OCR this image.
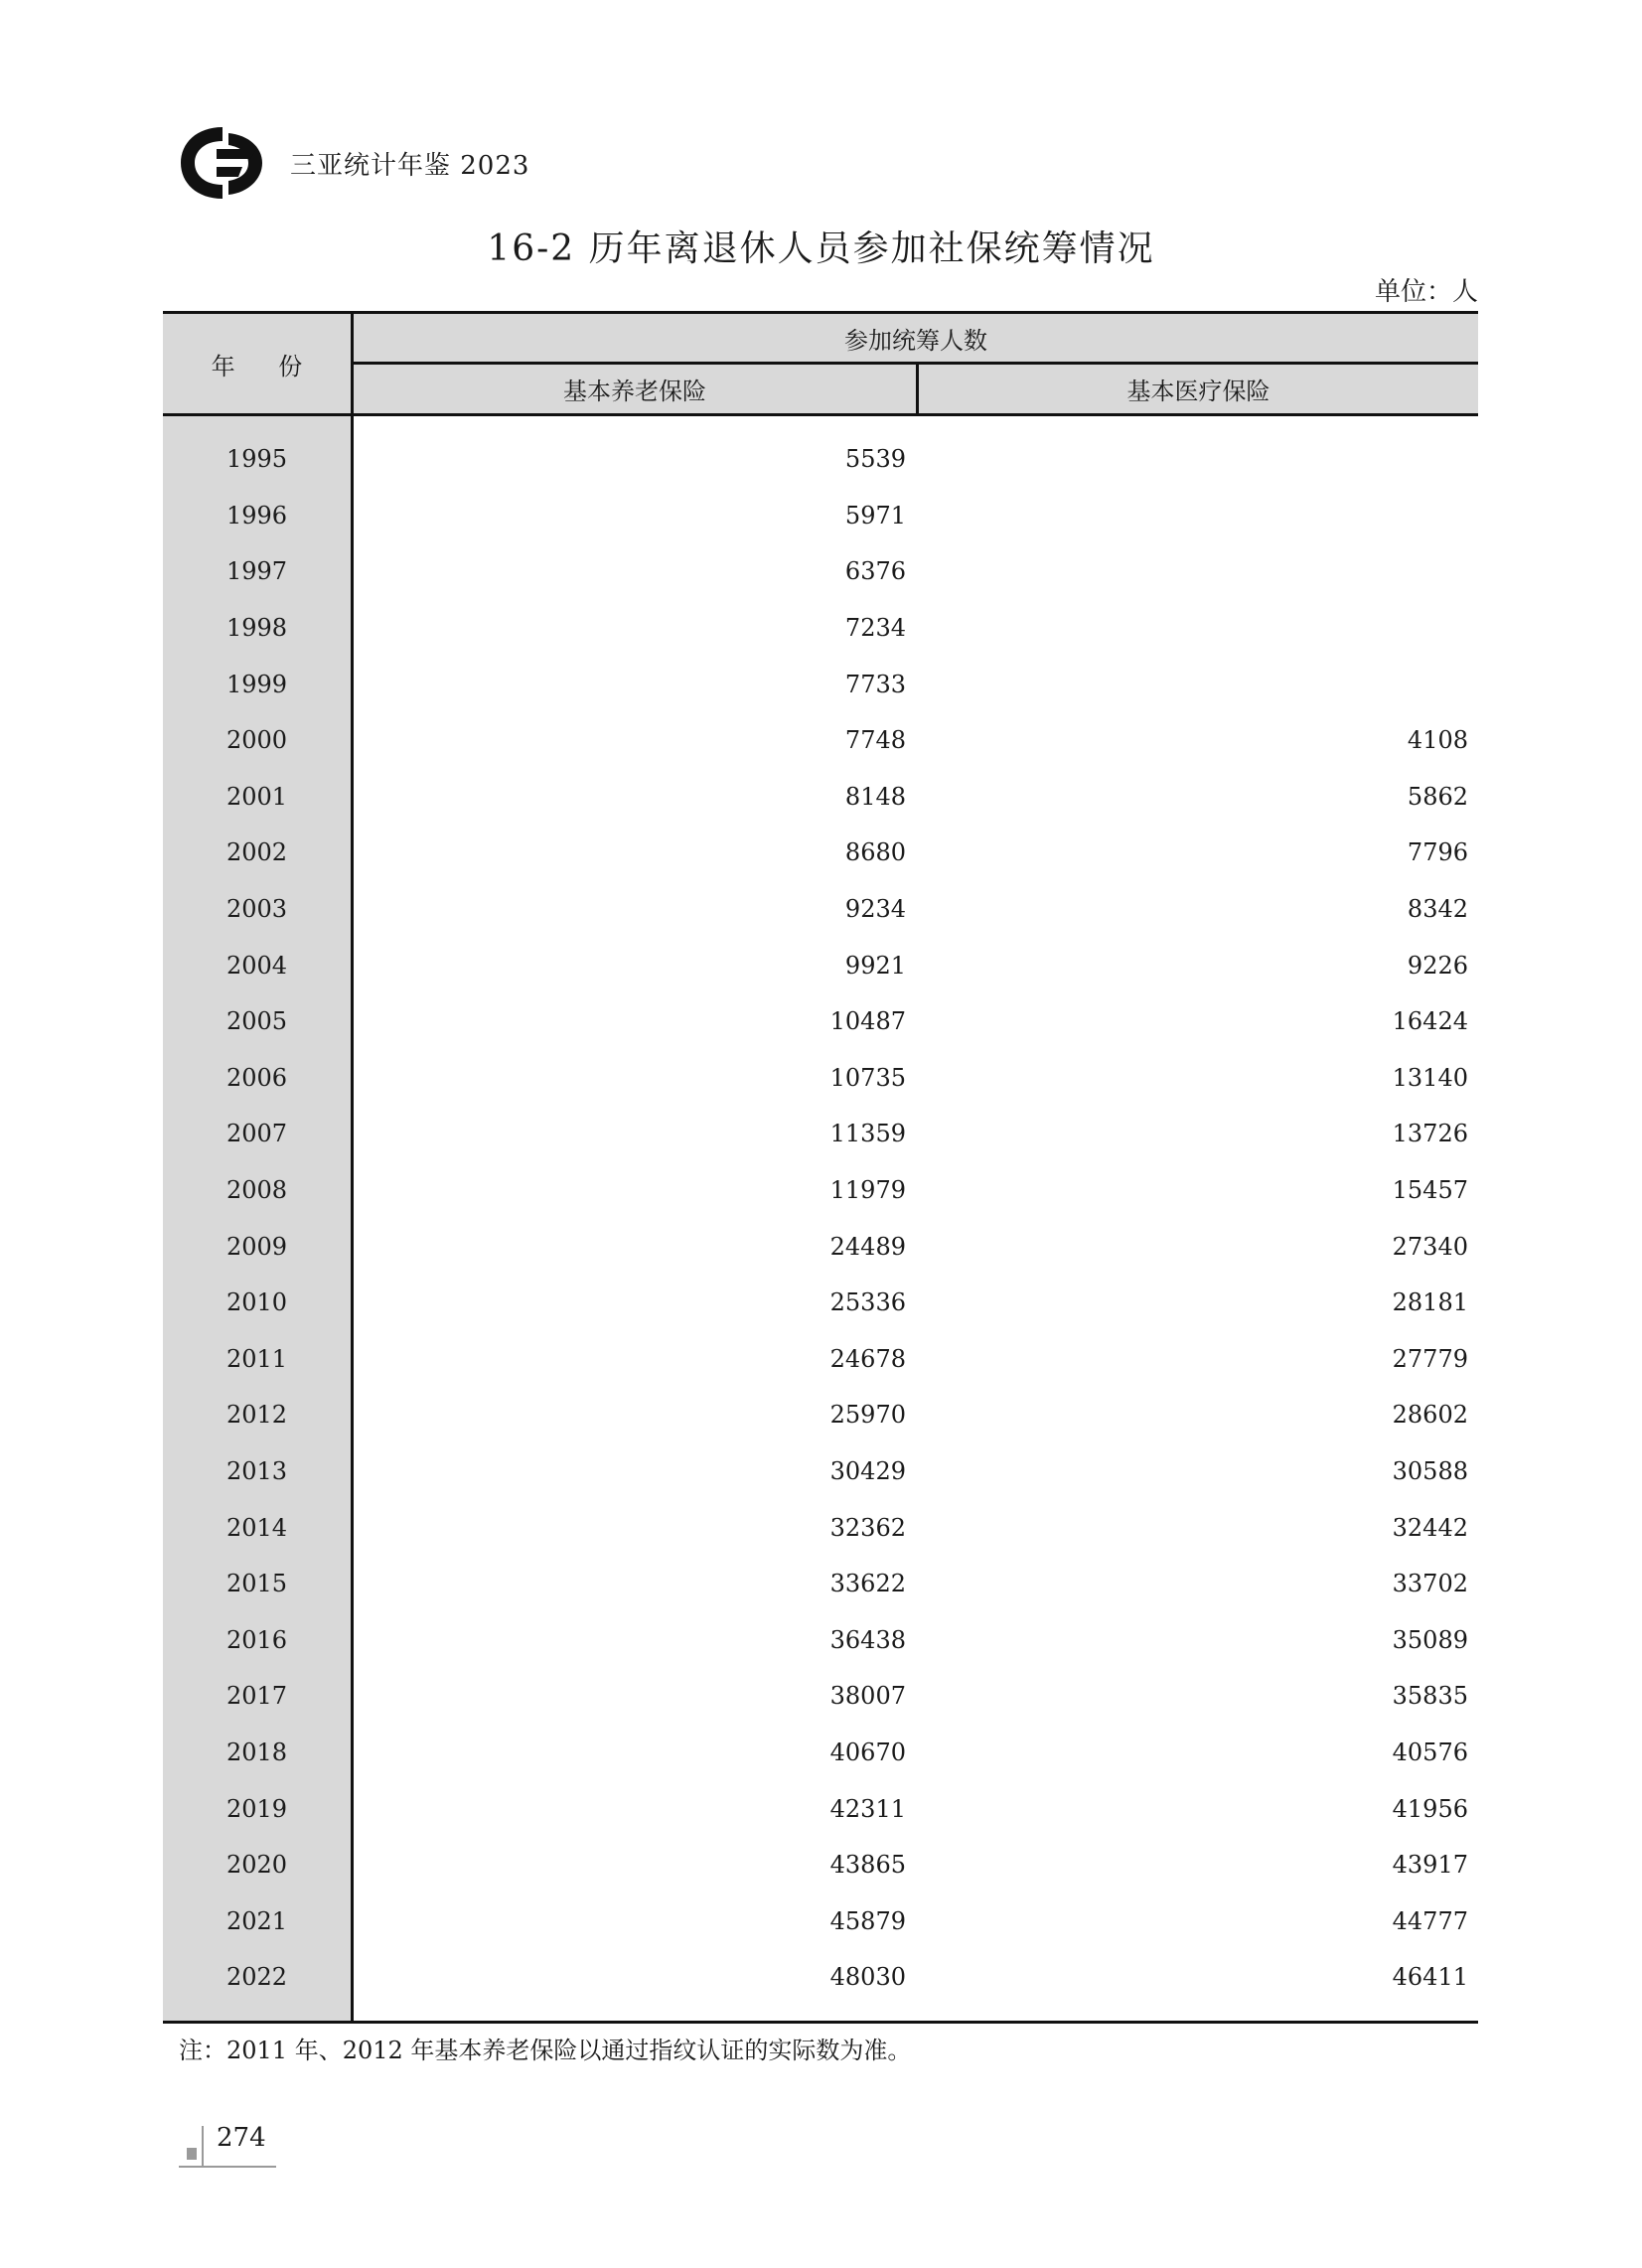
三亚统计年鉴 2023
16-2 历年离退休人员参加社保统筹情况
单位：人
年 份
参加统筹人数
基本养老保险	基本医疗保险
1995	5539
1996	5971
1997	6376
1998	7234
1999	7733
2000	7748	4108
2001	8148	5862
2002	8680	7796
2003	9234	8342
2004	9921	9226
2005	10487	16424
2006	10735	13140
2007	11359	13726
2008	11979	15457
2009	24489	27340
2010	25336	28181
2011	24678	27779
2012	25970	28602
2013	30429	30588
2014	32362	32442
2015	33622	33702
2016	36438	35089
2017	38007	35835
2018	40670	40576
2019	42311	41956
2020	43865	43917
2021	45879	44777
2022	48030	46411
注：2011 年、2012 年基本养老保险以通过指纹认证的实际数为准。
274
